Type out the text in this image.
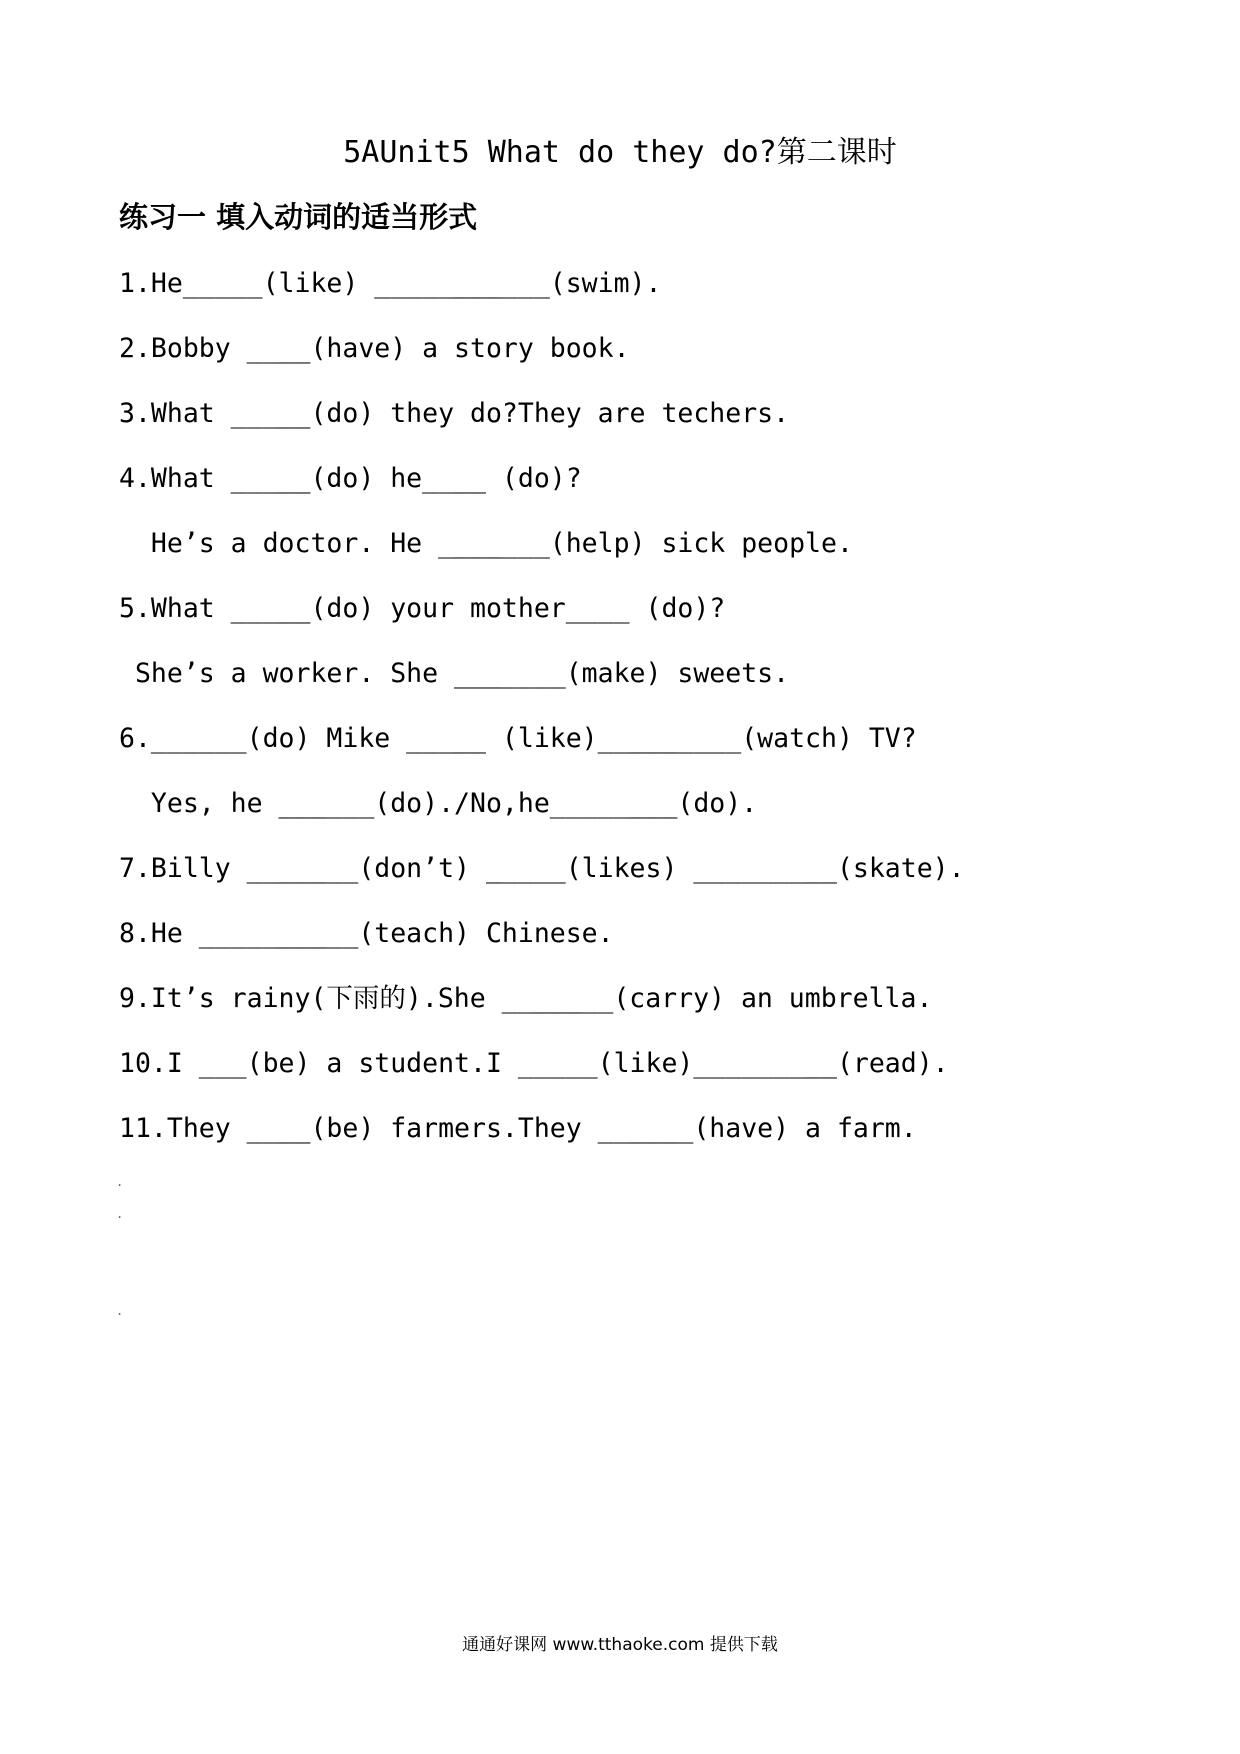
5AUnit5 What do they do?第二课时
练习一 填入动词的适当形式
1.He_____(like) ___________(swim).
2.Bobby ____(have) a story book.
3.What _____(do) they do?They are techers.
4.What _____(do) he____ (do)?
He’s a doctor. He _______(help) sick people.
5.What _____(do) your mother____ (do)?
She’s a worker. She _______(make) sweets.
6.______(do) Mike _____ (like)_________(watch) TV?
Yes, he ______(do)./No,he________(do).
7.Billy _______(don’t) _____(likes) _________(skate).
8.He __________(teach) Chinese.
9.It’s rainy(下雨的).She _______(carry) an umbrella.
10.I ___(be) a student.I _____(like)_________(read).
11.They ____(be) farmers.They ______(have) a farm.
.
.
.
通通好课网 www.tthaoke.com 提供下载
